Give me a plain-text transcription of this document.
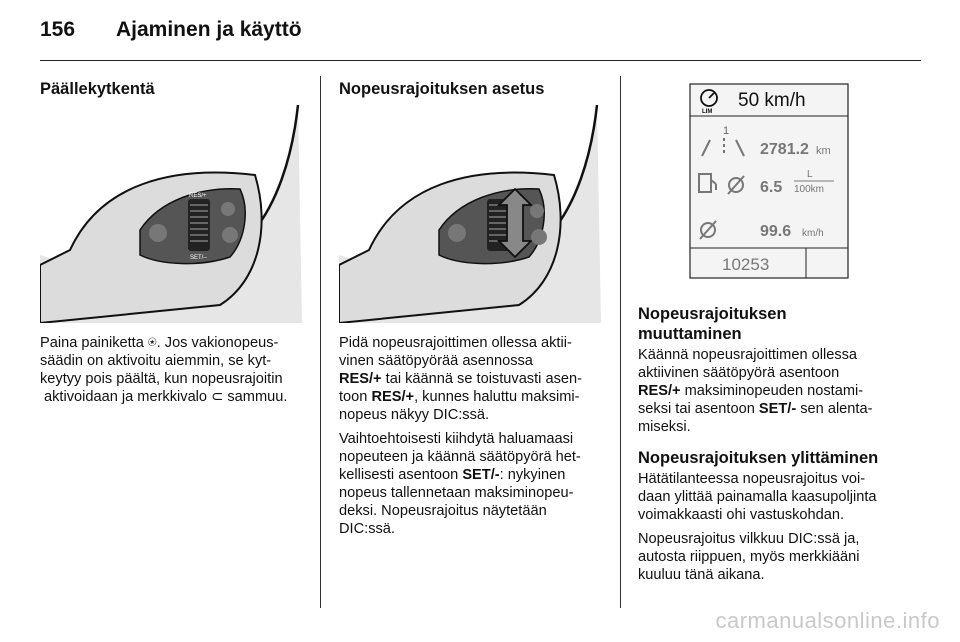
156 Ajaminen ja käyttö
Päällekytkentä
RES/+
SET/–
Paina painiketta ⍟. Jos vakionopeus-
säädin on aktivoitu aiemmin, se kyt-
keytyy pois päältä, kun nopeusrajoitin
aktivoidaan ja merkkivalo ⊂ sammuu.
Nopeusrajoituksen asetus

Pidä nopeusrajoittimen ollessa aktii-
vinen säätöpyörää asennossa
RES/+ tai käännä se toistuvasti asen-
toon RES/+, kunnes haluttu maksimi-
nopeus näkyy DIC:ssä.

Vaihtoehtoisesti kiihdytä haluamaasi
nopeuteen ja käännä säätöpyörä het-
kellisesti asentoon SET/-: nykyinen
nopeus tallennetaan maksiminopeu-
deksi. Nopeusrajoitus näytetään
DIC:ssä.

LIM
50 km/h
1
2781.2 km
6.5
L
100km
99.6 km/h
10253
Nopeusrajoituksen
muuttaminen

Käännä nopeusrajoittimen ollessa
aktiivinen säätöpyörä asentoon
RES/+ maksiminopeuden nostami-
seksi tai asentoon SET/- sen alenta-
miseksi.

Nopeusrajoituksen ylittäminen

Hätätilanteessa nopeusrajoitus voi-
daan ylittää painamalla kaasupoljinta
voimakkaasti ohi vastuskohdan.

Nopeusrajoitus vilkkuu DIC:ssä ja,
autosta riippuen, myös merkkiääni
kuuluu tänä aikana.

carmanualsonline.info
